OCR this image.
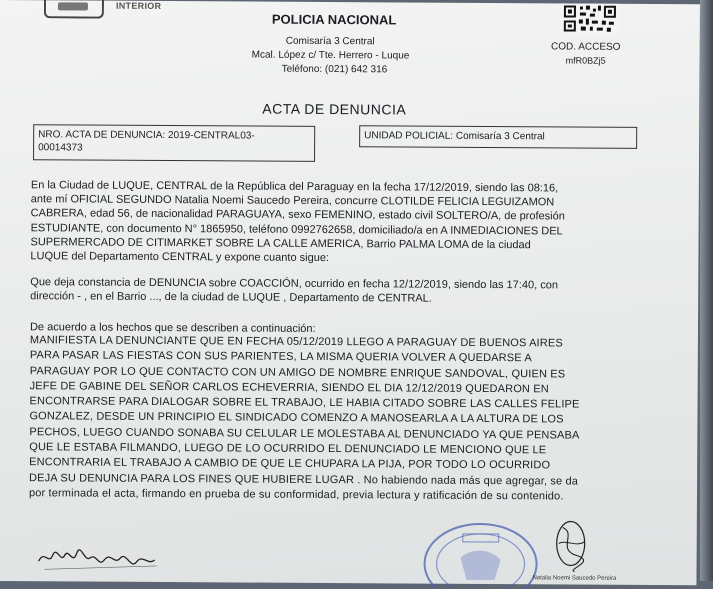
INTERIOR
POLICIA NACIONAL
Comisaría 3 Central
Mcal. López c/ Tte. Herrero - Luque
Teléfono: (021) 642 316
COD. ACCESO
mfR0BZj5
ACTA DE DENUNCIA
NRO. ACTA DE DENUNCIA: 2019-CENTRAL03-
00014373
UNIDAD POLICIAL: Comisaría 3 Central
En la Ciudad de LUQUE, CENTRAL de la República del Paraguay en la fecha 17/12/2019, siendo las 08:16,
ante mí OFICIAL SEGUNDO Natalia Noemi Saucedo Pereira, concurre CLOTILDE FELICIA LEGUIZAMON
CABRERA, edad 56, de nacionalidad PARAGUAYA, sexo FEMENINO, estado civil SOLTERO/A, de profesión
ESTUDIANTE, con documento N° 1865950, teléfono 0992762658, domiciliado/a en A INMEDIACIONES DEL
SUPERMERCADO DE CITIMARKET SOBRE LA CALLE AMERICA, Barrio PALMA LOMA de la ciudad
LUQUE del Departamento CENTRAL y expone cuanto sigue:
Que deja constancia de DENUNCIA sobre COACCIÓN, ocurrido en fecha 12/12/2019, siendo las 17:40, con
dirección - , en el Barrio ..., de la ciudad de LUQUE , Departamento de CENTRAL.
De acuerdo a los hechos que se describen a continuación:
MANIFIESTA LA DENUNCIANTE QUE EN FECHA 05/12/2019 LLEGO A PARAGUAY DE BUENOS AIRES
PARA PASAR LAS FIESTAS CON SUS PARIENTES, LA MISMA QUERIA VOLVER A QUEDARSE A
PARAGUAY POR LO QUE CONTACTO CON UN AMIGO DE NOMBRE ENRIQUE SANDOVAL, QUIEN ES
JEFE DE GABINE DEL SEÑOR CARLOS ECHEVERRIA, SIENDO EL DIA 12/12/2019 QUEDARON EN
ENCONTRARSE PARA DIALOGAR SOBRE EL TRABAJO, LE HABIA CITADO SOBRE LAS CALLES FELIPE
GONZALEZ, DESDE UN PRINCIPIO EL SINDICADO COMENZO A MANOSEARLA A LA ALTURA DE LOS
PECHOS, LUEGO CUANDO SONABA SU CELULAR LE MOLESTABA AL DENUNCIADO YA QUE PENSABA
QUE LE ESTABA FILMANDO, LUEGO DE LO OCURRIDO EL DENUNCIADO LE MENCIONO QUE LE
ENCONTRARIA EL TRABAJO A CAMBIO DE QUE LE CHUPARA LA PIJA, POR TODO LO OCURRIDO
DEJA SU DENUNCIA PARA LOS FINES QUE HUBIERE LUGAR . No habiendo nada más que agregar, se da
por terminada el acta, firmando en prueba de su conformidad, previa lectura y ratificación de su contenido.
Natalia Noemi Saucedo Pereira
